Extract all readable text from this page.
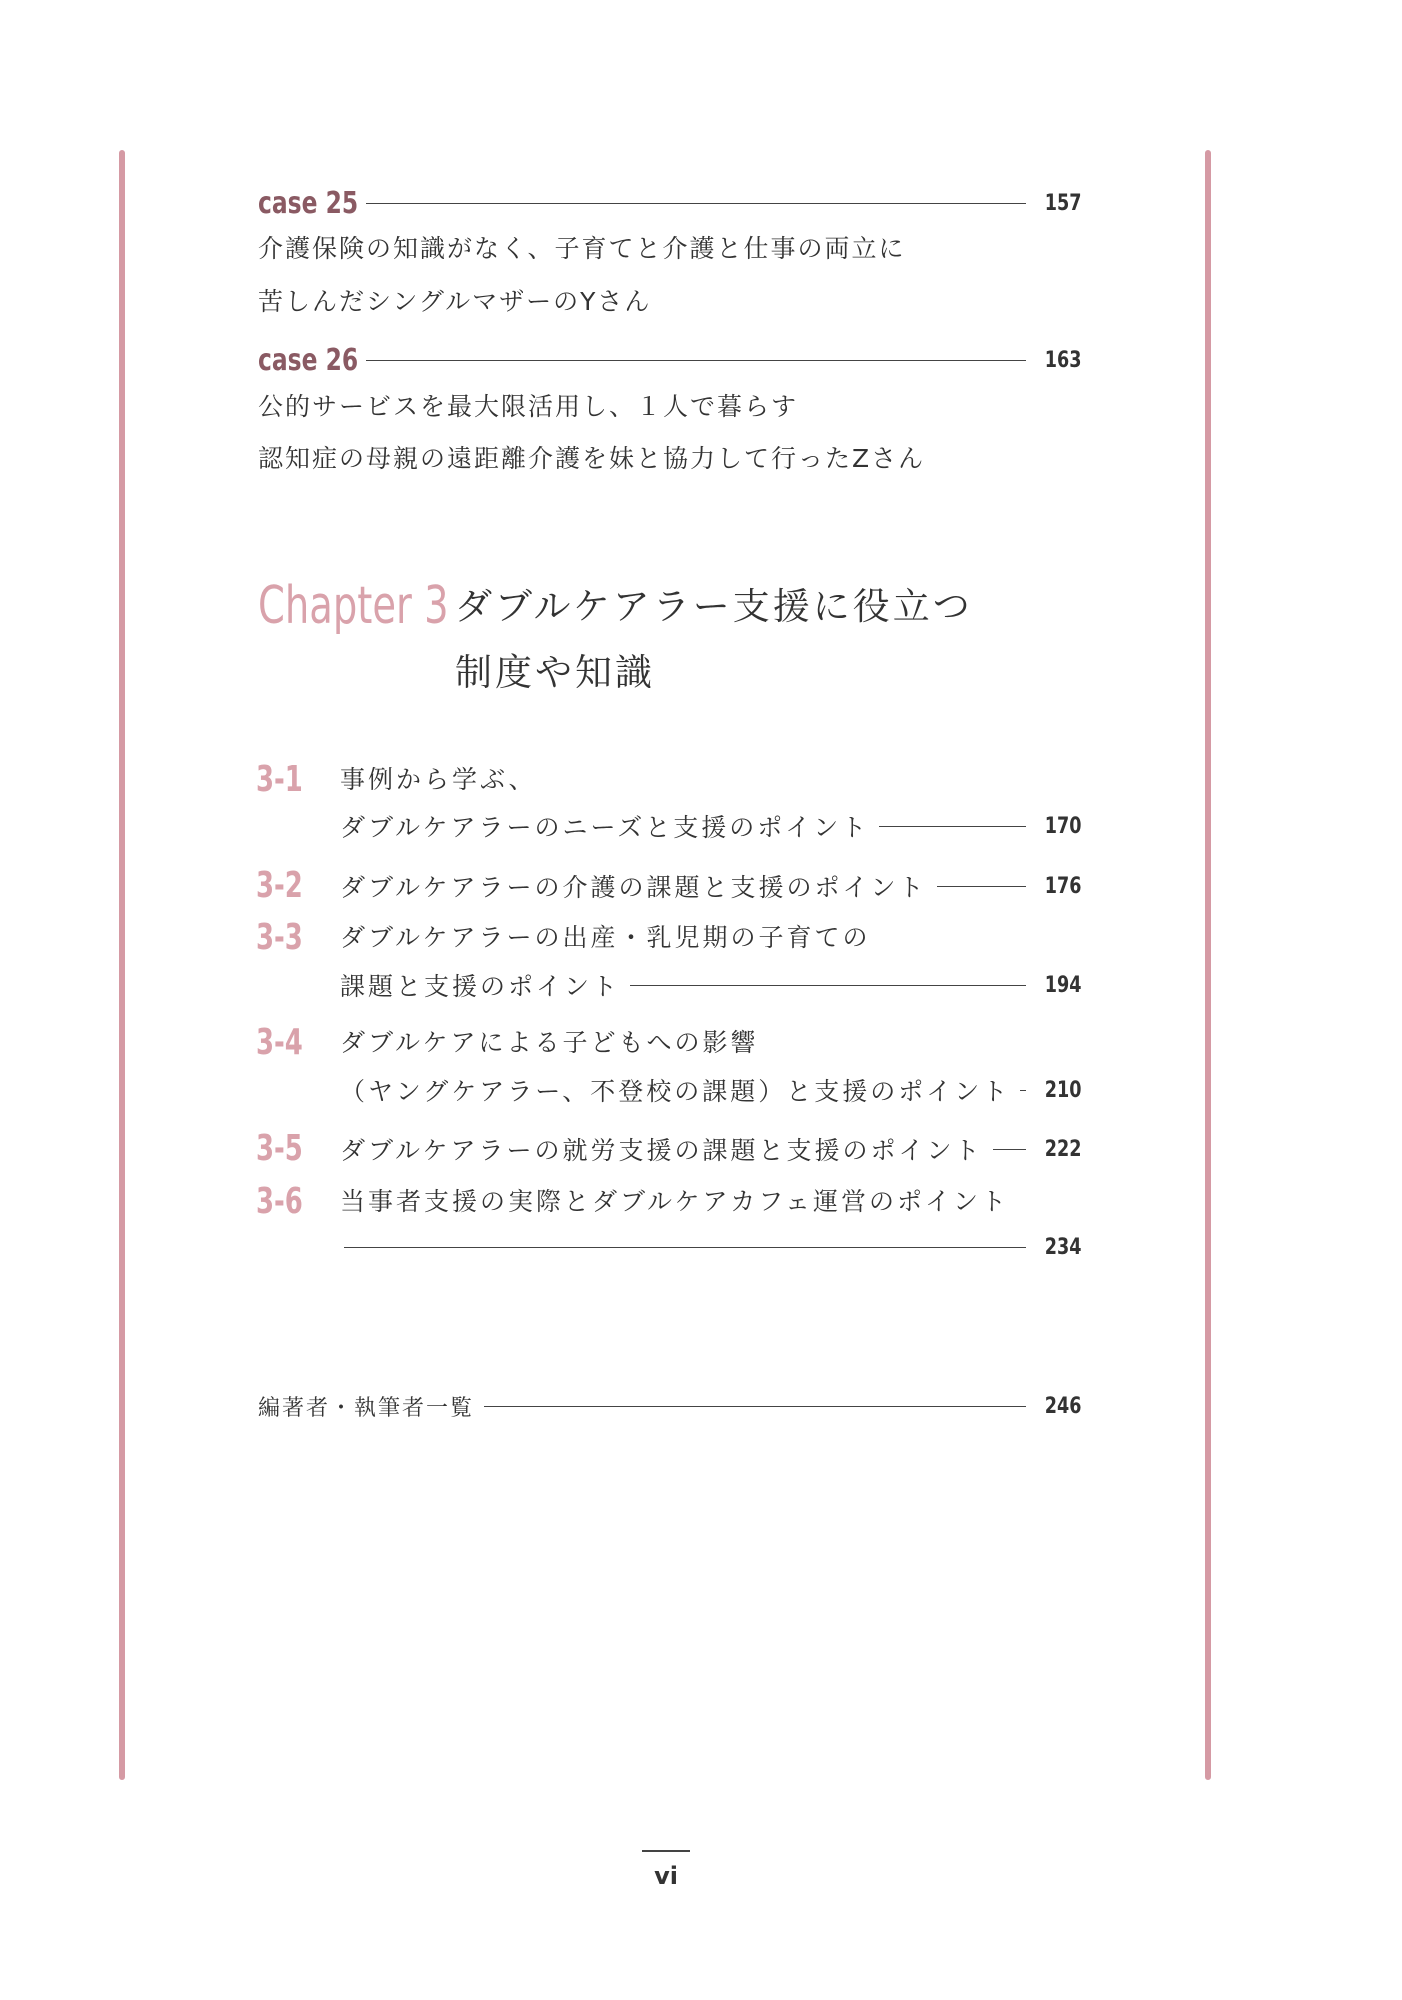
case 25	157
介護保険の知識がなく、子育てと介護と仕事の両立に
苦しんだシングルマザーのYさん
case 26	163
公的サービスを最大限活用し、１人で暮らす
認知症の母親の遠距離介護を妹と協力して行ったZさん
Chapter 3 ダブルケアラー支援に役立つ
制度や知識
3-1 事例から学ぶ、
ダブルケアラーのニーズと支援のポイント	170
3-2 ダブルケアラーの介護の課題と支援のポイント	176
3-3 ダブルケアラーの出産・乳児期の子育ての
課題と支援のポイント	194
3-4 ダブルケアによる子どもへの影響
（ヤングケアラー、不登校の課題）と支援のポイント 210
3-5 ダブルケアラーの就労支援の課題と支援のポイント	222
3-6 当事者支援の実際とダブルケアカフェ運営のポイント
234
編著者・執筆者一覧	246
vi
